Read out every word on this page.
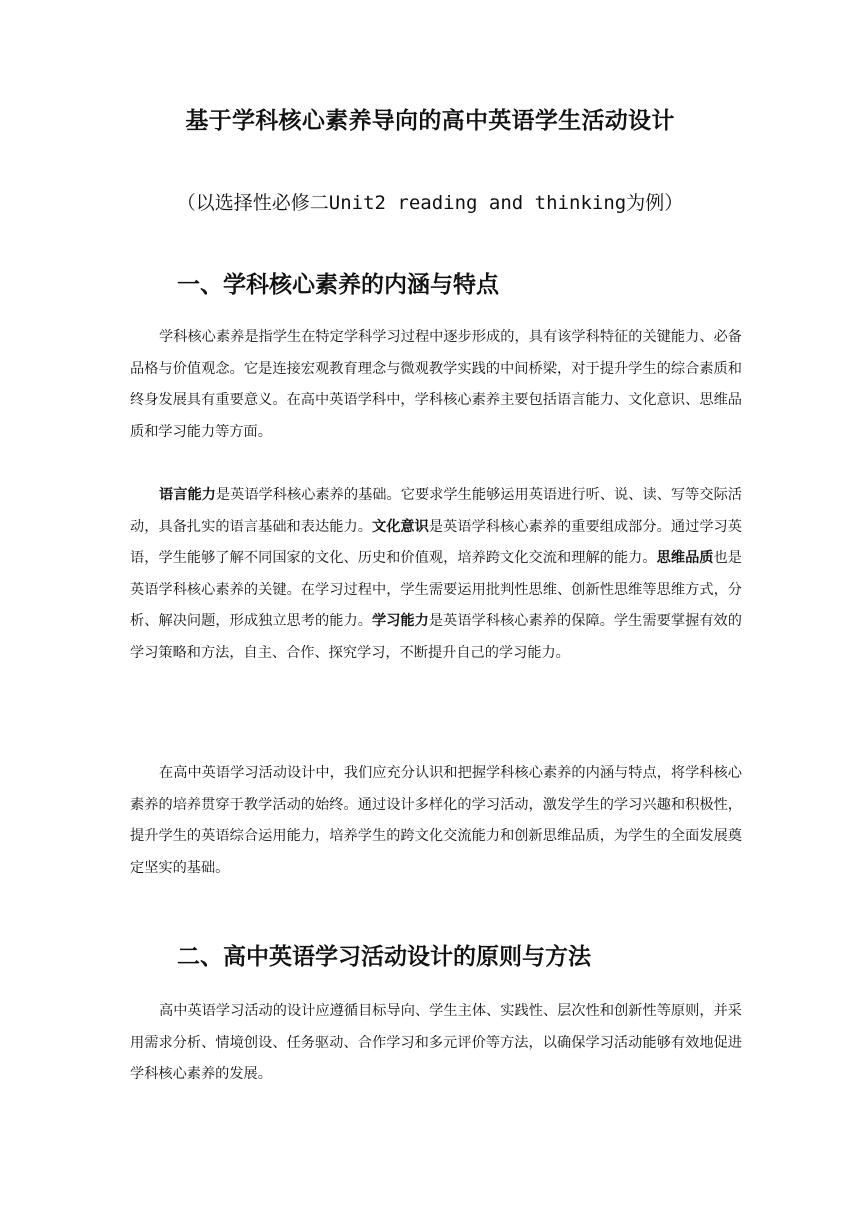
基于学科核心素养导向的高中英语学生活动设计
（以选择性必修二Unit2 reading and thinking为例）
一、学科核心素养的内涵与特点

学科核心素养是指学生在特定学科学习过程中逐步形成的，具有该学科特征的关键能力、必备品格与价值观念。它是连接宏观教育理念与微观教学实践的中间桥梁，对于提升学生的综合素质和终身发展具有重要意义。在高中英语学科中，学科核心素养主要包括语言能力、文化意识、思维品质和学习能力等方面。

语言能力是英语学科核心素养的基础。它要求学生能够运用英语进行听、说、读、写等交际活动，具备扎实的语言基础和表达能力。文化意识是英语学科核心素养的重要组成部分。通过学习英语，学生能够了解不同国家的文化、历史和价值观，培养跨文化交流和理解的能力。思维品质也是英语学科核心素养的关键。在学习过程中，学生需要运用批判性思维、创新性思维等思维方式，分析、解决问题，形成独立思考的能力。学习能力是英语学科核心素养的保障。学生需要掌握有效的学习策略和方法，自主、合作、探究学习，不断提升自己的学习能力。

在高中英语学习活动设计中，我们应充分认识和把握学科核心素养的内涵与特点，将学科核心素养的培养贯穿于教学活动的始终。通过设计多样化的学习活动，激发学生的学习兴趣和积极性，提升学生的英语综合运用能力，培养学生的跨文化交流能力和创新思维品质，为学生的全面发展奠定坚实的基础。

二、高中英语学习活动设计的原则与方法

高中英语学习活动的设计应遵循目标导向、学生主体、实践性、层次性和创新性等原则，并采用需求分析、情境创设、任务驱动、合作学习和多元评价等方法，以确保学习活动能够有效地促进学科核心素养的发展。
